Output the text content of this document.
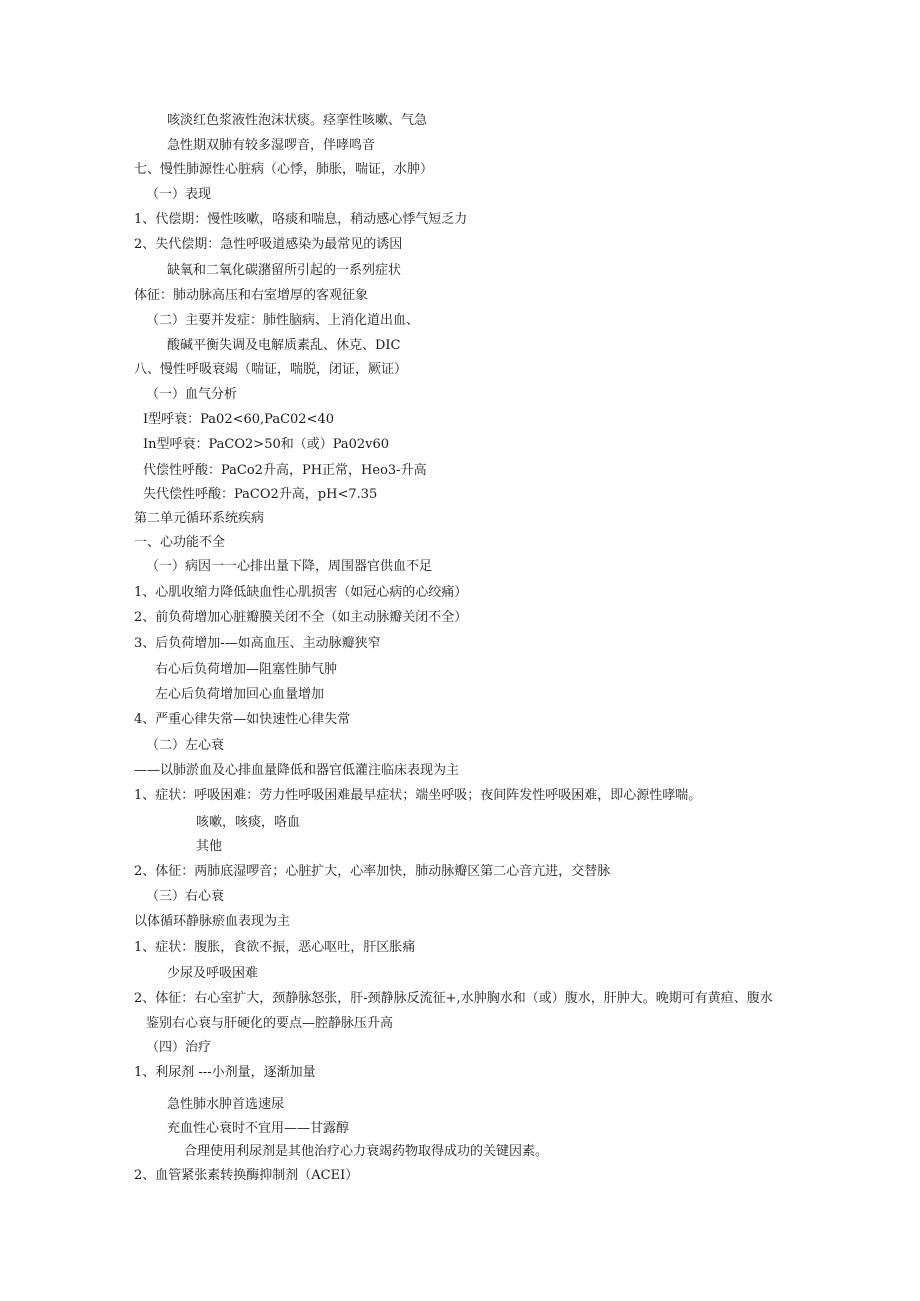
咳淡红色浆液性泡沫状痰。痉挛性咳嗽、气急
急性期双肺有较多湿啰音，伴哮鸣音
七、慢性肺源性心脏病（心悸，肺胀，喘证，水肿）
（一）表现
1、代偿期：慢性咳嗽，咯痰和喘息，稍动感心悸气短乏力
2、失代偿期：急性呼吸道感染为最常见的诱因
缺氧和二氧化碳潴留所引起的一系列症状
体征：肺动脉高压和右室增厚的客观征象
（二）主要并发症：肺性脑病、上消化道出血、
酸碱平衡失调及电解质素乱、休克、DIC
八、慢性呼吸衰竭（喘证，喘脱，闭证，厥证）
（一）血气分析
I型呼衰：Pa02<60,PaC02<40
In型呼衰：PaCO2>50和（或）Pa02v60
代偿性呼酸：PaCo2升高，PH正常，Heo3-升高
失代偿性呼酸：PaCO2升高，pH<7.35
第二单元循环系统疾病
一、心功能不全
（一）病因一一心排出量下降，周围器官供血不足
1、心肌收缩力降低缺血性心肌损害（如冠心病的心绞痛）
2、前负荷增加心脏瓣膜关闭不全（如主动脉瓣关闭不全）
3、后负荷增加-—如高血压、主动脉瓣狭窄
右心后负荷增加—阻塞性肺气肿
左心后负荷增加回心血量增加
4、严重心律失常—如快速性心律失常
（二）左心衰
——以肺淤血及心排血量降低和器官低灌注临床表现为主
1、症状：呼吸困难：劳力性呼吸困难最早症状；端坐呼吸；夜间阵发性呼吸困难，即心源性哮喘。
咳嗽，咳痰，咯血
其他
2、体征：两肺底湿啰音；心脏扩大，心率加快，肺动脉瓣区第二心音亢进，交替脉
（三）右心衰
以体循环静脉瘀血表现为主
1、症状：腹胀，食欲不振，恶心呕吐，肝区胀痛
少尿及呼吸困难
2、体征：右心室扩大，颈静脉怒张，肝-颈静脉反流征+,水肿胸水和（或）腹水，肝肿大。晚期可有黄疸、腹水
鉴别右心衰与肝硬化的要点—腔静脉压升高
（四）治疗
1、利尿剂 ---小剂量，逐渐加量
急性肺水肿首选速尿
充血性心衰时不宜用——甘露醇
合理使用利尿剂是其他治疗心力衰竭药物取得成功的关键因素。
2、血管紧张素转换酶抑制剂（ACEI）
